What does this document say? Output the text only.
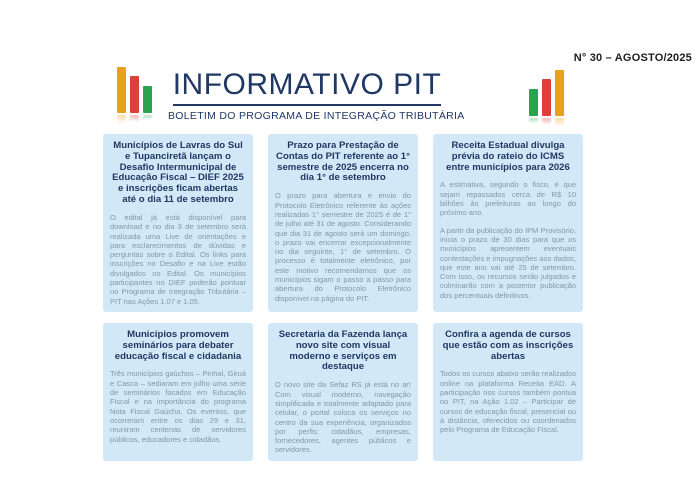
N° 30 – AGOSTO/2025
INFORMATIVO PIT
BOLETIM DO PROGRAMA DE INTEGRAÇÃO TRIBUTÁRIA
Municípios de Lavras do Sul e Tupanciretã lançam o Desafio Intermunicipal de Educação Fiscal – DIEF 2025 e inscrições ficam abertas até o dia 11 de setembro

O edital já está disponível para download e no dia 3 de setembro será realizada uma Live de orientações e para esclarecimentos de dúvidas e perguntas sobre o Edital. Os links para inscrições no Desafio e na Live estão divulgados no Edital. Os municípios participantes no DIEF poderão pontuar no Programa de Integração Tributária – PIT nas Ações 1.07 e 1.05.

Prazo para Prestação de Contas do PIT referente ao 1° semestre de 2025 encerra no dia 1° de setembro

O prazo para abertura e envio do Protocolo Eletrônico referente às ações realizadas 1° semestre de 2025 é de 1° de julho até 31 de agosto. Considerando que dia 31 de agosto será um domingo, o prazo vai encerrar excepcionalmente no dia seguinte, 1° de setembro. O processo é totalmente eletrônico, por este motivo recomendamos que os municípios sigam o passo a passo para abertura do Protocolo Eletrônico disponível na página do PIT.

Receita Estadual divulga prévia do rateio do ICMS entre municípios para 2026

A estimativa, segundo o fisco, é que sejam repassados cerca de R$ 10 bilhões às prefeituras ao longo do próximo ano.

A partir da publicação do IPM Provisório, inicia o prazo de 30 dias para que os municípios apresentem eventuais contestações e impugnações aos dados, que este ano vai até 25 de setembro. Com isso, os recursos serão julgados e culminarão com a posterior publicação dos percentuais definitivos.

Municípios promovem seminários para debater educação fiscal e cidadania

Três municípios gaúchos – Pinhal, Giruá e Casca – sediaram em julho uma série de seminários focados em Educação Fiscal e na importância do programa Nota Fiscal Gaúcha. Os eventos, que ocorreram entre os dias 29 e 31, reuniram centenas de servidores públicos, educadores e cidadãos.

Secretaria da Fazenda lança novo site com visual moderno e serviços em destaque

O novo site da Sefaz RS já está no ar! Com visual moderno, navegação simplificada e totalmente adaptado para celular, o portal coloca os serviços no centro da sua experiência, organizados por perfis: cidadãos, empresas, fornecedores, agentes públicos e servidores.

Confira a agenda de cursos que estão com as inscrições abertas

Todos os cursos abaixo serão realizados online na plataforma Receita EAD. A participação nos cursos também pontua no PIT, na Ação 1.02 – Participar de cursos de educação fiscal, presencial ou à distância, oferecidos ou coordenados pelo Programa de Educação Fiscal.
